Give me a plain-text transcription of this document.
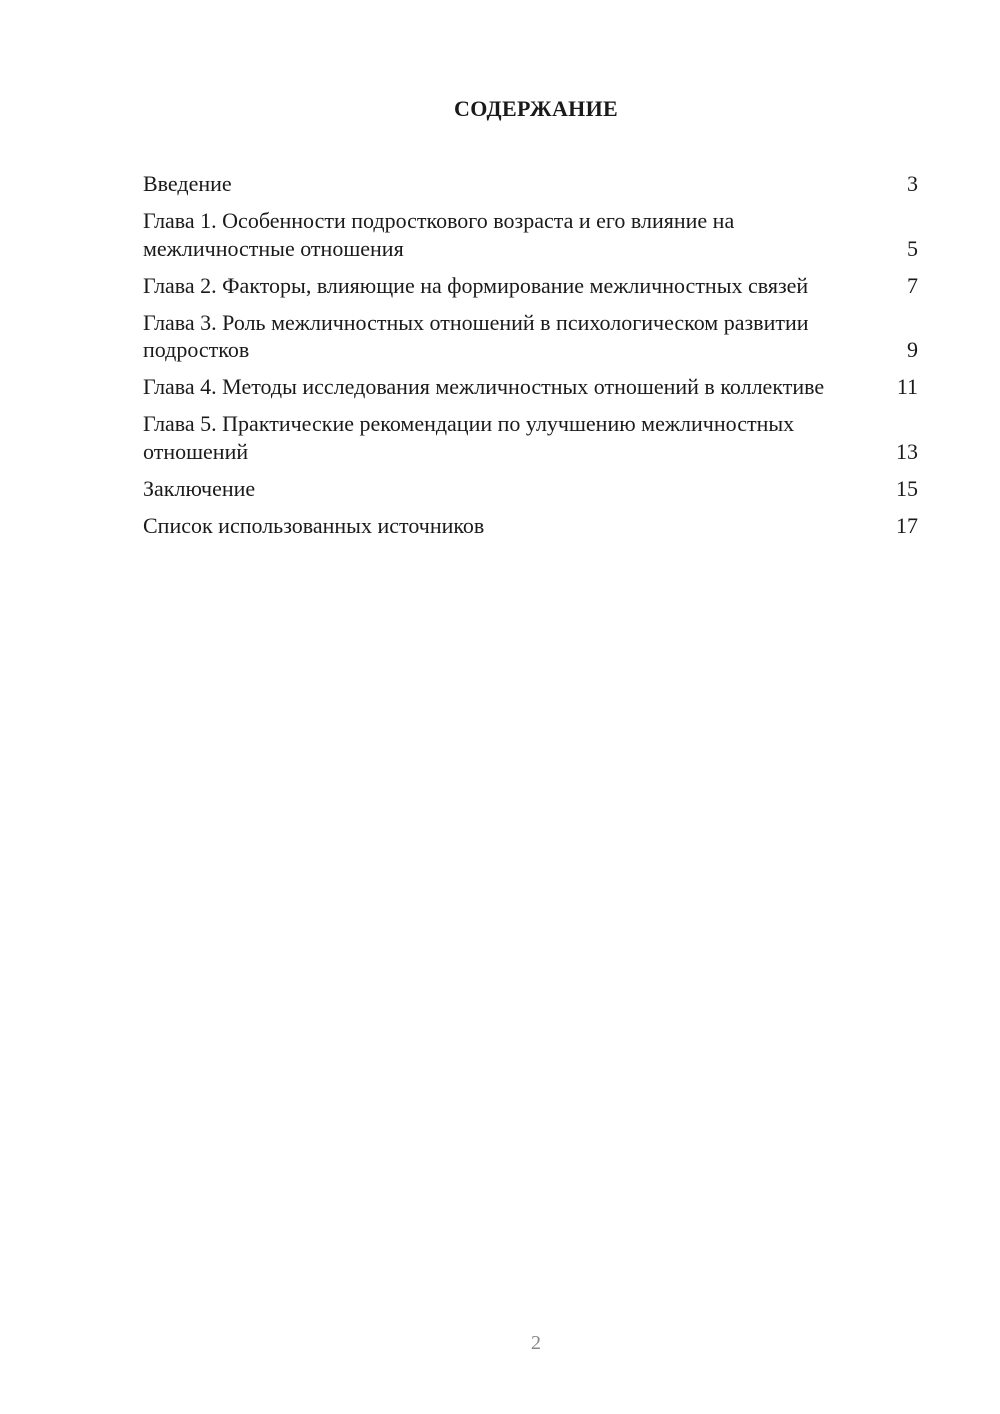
СОДЕРЖАНИЕ
Введение	3
Глава 1. Особенности подросткового возраста и его влияние на межличностные отношения	5
Глава 2. Факторы, влияющие на формирование межличностных связей	7
Глава 3. Роль межличностных отношений в психологическом развитии подростков	9
Глава 4. Методы исследования межличностных отношений в коллективе	11
Глава 5. Практические рекомендации по улучшению межличностных отношений	13
Заключение	15
Список использованных источников	17
2
